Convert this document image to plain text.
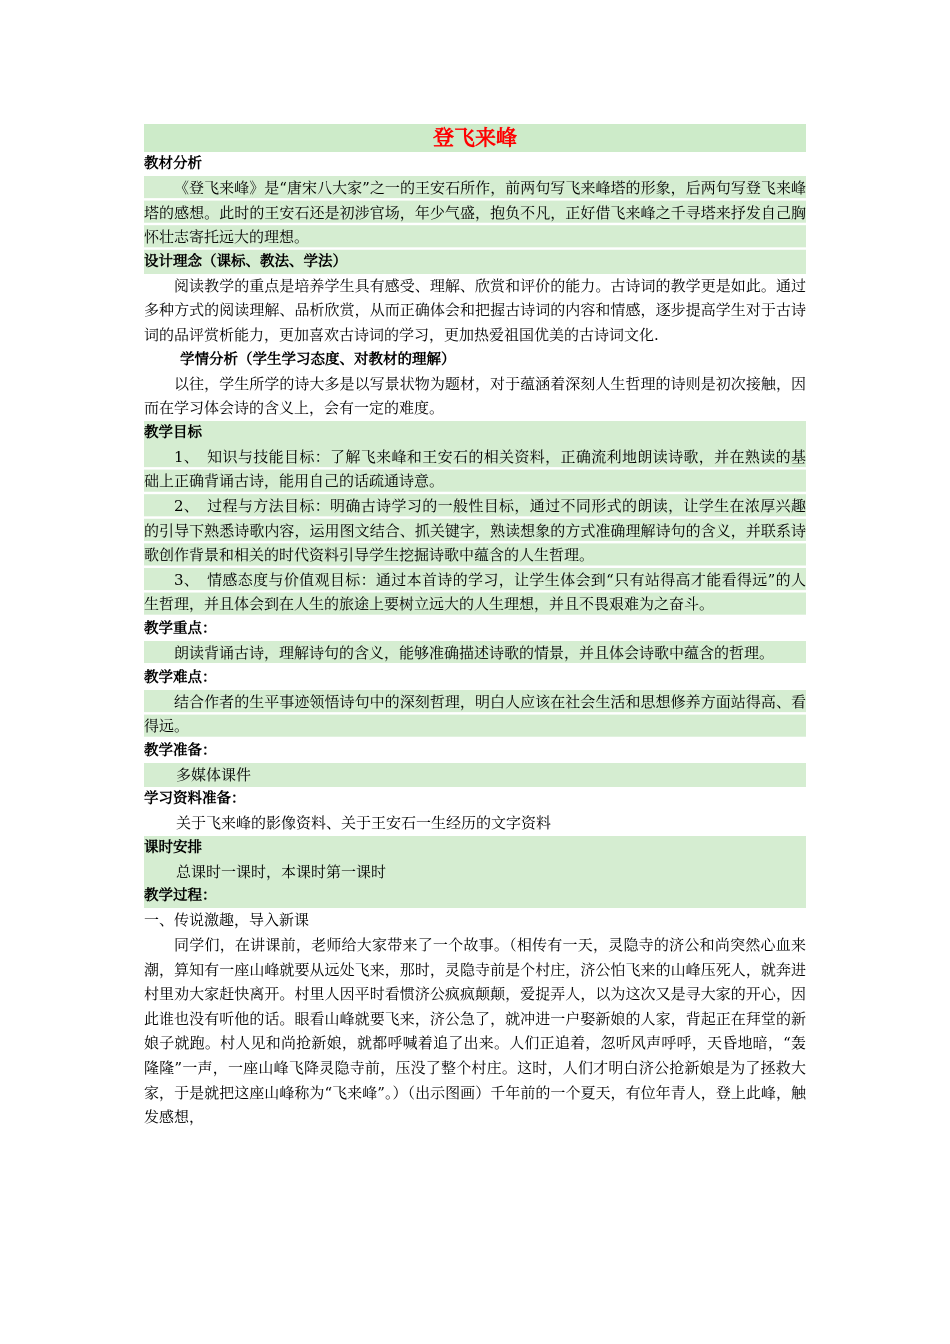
登飞来峰
教材分析
《登飞来峰》是“唐宋八大家”之一的王安石所作，前两句写飞来峰塔的形象，后两句写登飞来峰塔的感想。此时的王安石还是初涉官场，年少气盛，抱负不凡，正好借飞来峰之千寻塔来抒发自己胸怀壮志寄托远大的理想。
设计理念（课标、教法、学法）
阅读教学的重点是培养学生具有感受、理解、欣赏和评价的能力。古诗词的教学更是如此。通过多种方式的阅读理解、品析欣赏，从而正确体会和把握古诗词的内容和情感，逐步提高学生对于古诗词的品评赏析能力，更加喜欢古诗词的学习，更加热爱祖国优美的古诗词文化.
学情分析（学生学习态度、对教材的理解）
以往，学生所学的诗大多是以写景状物为题材，对于蕴涵着深刻人生哲理的诗则是初次接触，因而在学习体会诗的含义上，会有一定的难度。
教学目标
1、　知识与技能目标：了解飞来峰和王安石的相关资料，正确流利地朗读诗歌，并在熟读的基础上正确背诵古诗，能用自己的话疏通诗意。
2、　过程与方法目标：明确古诗学习的一般性目标，通过不同形式的朗读，让学生在浓厚兴趣的引导下熟悉诗歌内容，运用图文结合、抓关键字，熟读想象的方式准确理解诗句的含义，并联系诗歌创作背景和相关的时代资料引导学生挖掘诗歌中蕴含的人生哲理。
3、　情感态度与价值观目标：通过本首诗的学习，让学生体会到“只有站得高才能看得远”的人生哲理，并且体会到在人生的旅途上要树立远大的人生理想，并且不畏艰难为之奋斗。
教学重点：
朗读背诵古诗，理解诗句的含义，能够准确描述诗歌的情景，并且体会诗歌中蕴含的哲理。
教学难点：
结合作者的生平事迹领悟诗句中的深刻哲理，明白人应该在社会生活和思想修养方面站得高、看得远。
教学准备：
多媒体课件
学习资料准备：
关于飞来峰的影像资料、关于王安石一生经历的文字资料
课时安排
总课时一课时，本课时第一课时
教学过程：
一、传说激趣，导入新课
同学们，在讲课前，老师给大家带来了一个故事。（相传有一天，灵隐寺的济公和尚突然心血来潮，算知有一座山峰就要从远处飞来，那时，灵隐寺前是个村庄，济公怕飞来的山峰压死人，就奔进村里劝大家赶快离开。村里人因平时看惯济公疯疯颠颠，爱捉弄人，以为这次又是寻大家的开心，因此谁也没有听他的话。眼看山峰就要飞来，济公急了，就冲进一户娶新娘的人家，背起正在拜堂的新娘子就跑。村人见和尚抢新娘，就都呼喊着追了出来。人们正追着，忽听风声呼呼，天昏地暗，“轰隆隆”一声，一座山峰飞降灵隐寺前，压没了整个村庄。这时，人们才明白济公抢新娘是为了拯救大家，于是就把这座山峰称为“飞来峰”。）（出示图画）千年前的一个夏天，有位年青人，登上此峰，触发感想，
